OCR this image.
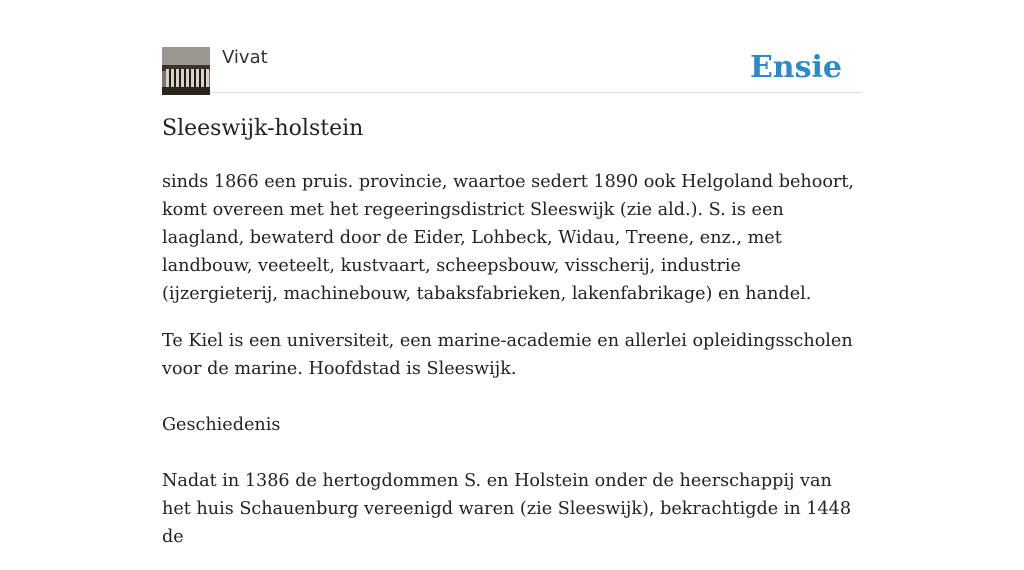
Vivat	Ensie
Sleeswijk-holstein

sinds 1866 een pruis. provincie, waartoe sedert 1890 ook Helgoland behoort, komt overeen met het regeeringsdistrict Sleeswijk (zie ald.). S. is een laagland, bewaterd door de Eider, Lohbeck, Widau, Treene, enz., met landbouw, veeteelt, kustvaart, scheepsbouw, visscherij, industrie (ijzergieterij, machinebouw, tabaksfabrieken, lakenfabrikage) en handel.

Te Kiel is een universiteit, een marine-academie en allerlei opleidingsscholen voor de marine. Hoofdstad is Sleeswijk.

Geschiedenis

Nadat in 1386 de hertogdommen S. en Holstein onder de heerschappij van het huis Schauenburg vereenigd waren (zie Sleeswijk), bekrachtigde in 1448 de
